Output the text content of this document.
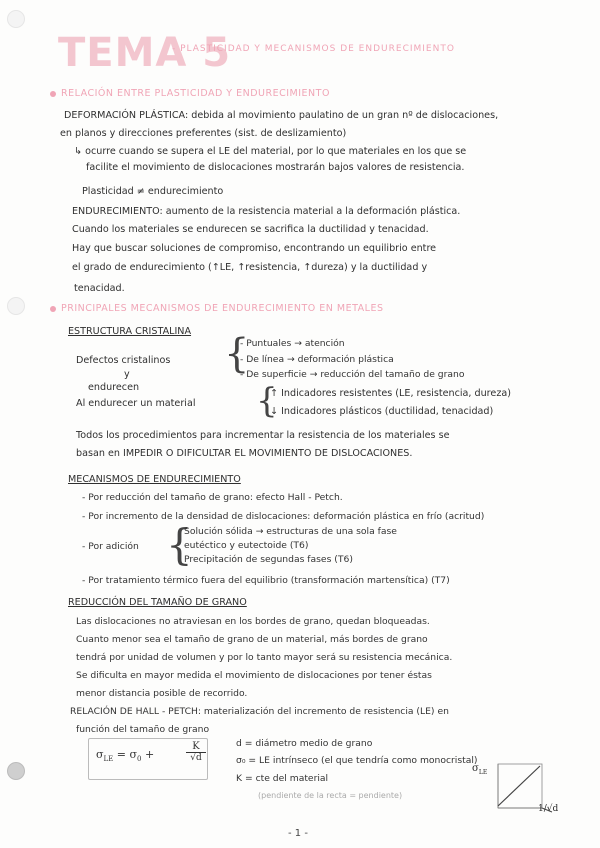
TEMA 5
- PLASTICIDAD Y MECANISMOS DE ENDURECIMIENTO
RELACIÓN ENTRE PLASTICIDAD Y ENDURECIMIENTO
DEFORMACIÓN PLÁSTICA: debida al movimiento paulatino de un gran nº de dislocaciones,
en planos y direcciones preferentes (sist. de deslizamiento)
↳ ocurre cuando se supera el LE del material, por lo que materiales en los que se
facilite el movimiento de dislocaciones mostrarán bajos valores de resistencia.
Plasticidad ≠ endurecimiento
ENDURECIMIENTO: aumento de la resistencia material a la deformación plástica.
Cuando los materiales se endurecen se sacrifica la ductilidad y tenacidad.
Hay que buscar soluciones de compromiso, encontrando un equilibrio entre
el grado de endurecimiento (↑LE, ↑resistencia, ↑dureza) y la ductilidad y
tenacidad.
PRINCIPALES MECANISMOS DE ENDURECIMIENTO EN METALES
ESTRUCTURA CRISTALINA
Defectos cristalinos
y
endurecen
{
- Puntuales → atención
- De línea → deformación plástica
- De superficie → reducción del tamaño de grano
Al endurecer un material {
↑ Indicadores resistentes (LE, resistencia, dureza)
↓ Indicadores plásticos (ductilidad, tenacidad)
Todos los procedimientos para incrementar la resistencia de los materiales se
basan en IMPEDIR O DIFICULTAR EL MOVIMIENTO DE DISLOCACIONES.
MECANISMOS DE ENDURECIMIENTO
- Por reducción del tamaño de grano: efecto Hall - Petch.
- Por incremento de la densidad de dislocaciones: deformación plástica en frío (acritud)
- Por adición {
Solución sólida → estructuras de una sola fase
eutéctico y eutectoide (T6)
Precipitación de segundas fases (T6)
- Por tratamiento térmico fuera del equilibrio (transformación martensítica) (T7)
REDUCCIÓN DEL TAMAÑO DE GRANO
Las dislocaciones no atraviesan en los bordes de grano, quedan bloqueadas.
Cuanto menor sea el tamaño de grano de un material, más bordes de grano
tendrá por unidad de volumen y por lo tanto mayor será su resistencia mecánica.
Se dificulta en mayor medida el movimiento de dislocaciones por tener éstas
menor distancia posible de recorrido.
RELACIÓN DE HALL - PETCH: materialización del incremento de resistencia (LE) en
función del tamaño de grano
$\sigma_{LE} = \sigma_0$ +	$\frac{K}{√d}$	d = diámetro medio de grano
σ₀ = LE intrínseco (el que tendría como monocristal)
K = cte del material
(pendiente de la recta = pendiente)
$\sigma_{LE}$
1/√d
- 1 -
